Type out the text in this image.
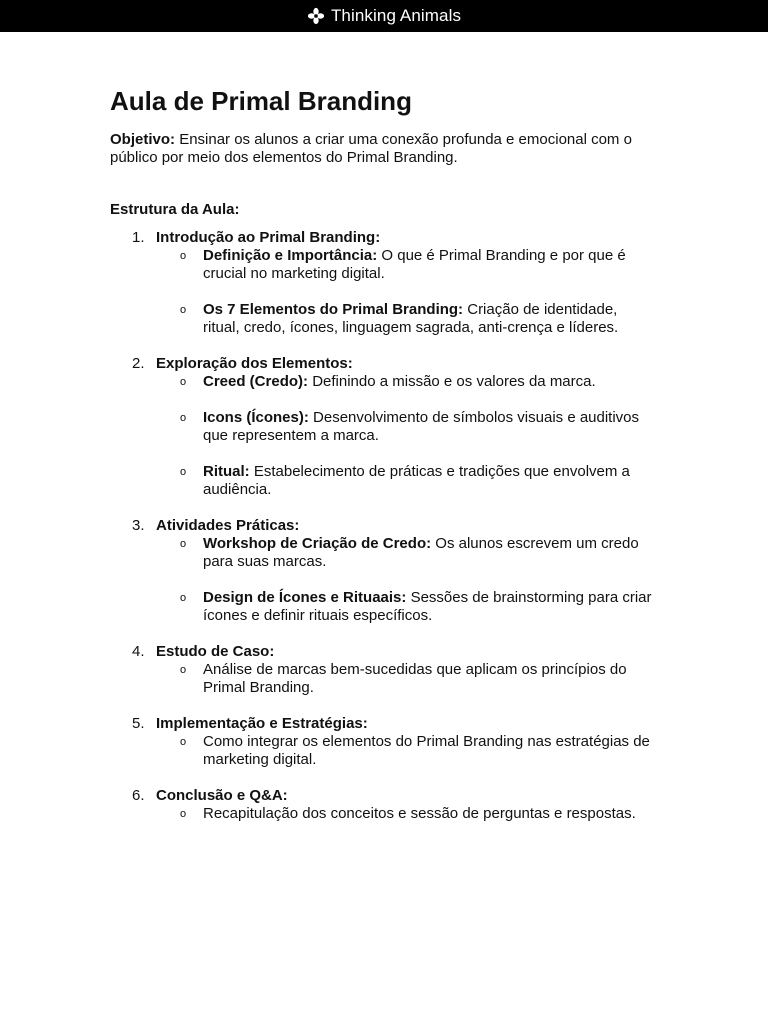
Thinking Animals
Aula de Primal Branding

Objetivo: Ensinar os alunos a criar uma conexão profunda e emocional com o público por meio dos elementos do Primal Branding.

Estrutura da Aula:

1. Introdução ao Primal Branding:
o Definição e Importância: O que é Primal Branding e por que é crucial no marketing digital.
o Os 7 Elementos do Primal Branding: Criação de identidade, ritual, credo, ícones, linguagem sagrada, anti-crença e líderes.
2. Exploração dos Elementos:
o Creed (Credo): Definindo a missão e os valores da marca.
o Icons (Ícones): Desenvolvimento de símbolos visuais e auditivos que representem a marca.
o Ritual: Estabelecimento de práticas e tradições que envolvem a audiência.
3. Atividades Práticas:
o Workshop de Criação de Credo: Os alunos escrevem um credo para suas marcas.
o Design de Ícones e Rituaais: Sessões de brainstorming para criar ícones e definir rituais específicos.
4. Estudo de Caso:
o Análise de marcas bem-sucedidas que aplicam os princípios do Primal Branding.
5. Implementação e Estratégias:
o Como integrar os elementos do Primal Branding nas estratégias de marketing digital.
6. Conclusão e Q&A:
o Recapitulação dos conceitos e sessão de perguntas e respostas.
